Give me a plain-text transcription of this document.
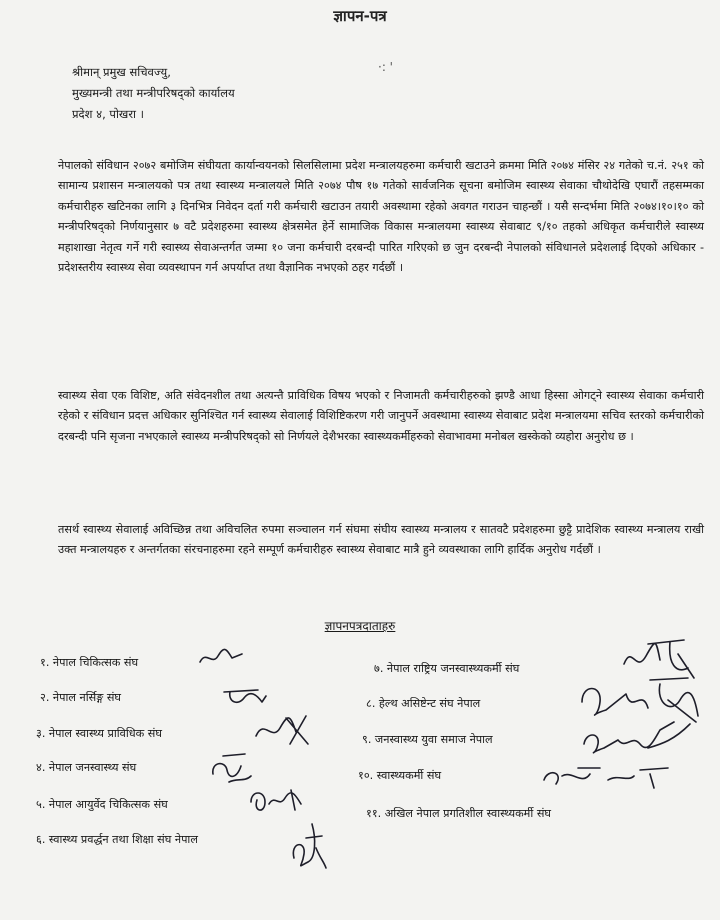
ज्ञापन-पत्र
·: '
श्रीमान् प्रमुख सचिवज्यु,
मुख्यमन्त्री तथा मन्त्रीपरिषद्को कार्यालय
प्रदेश ४, पोखरा ।
नेपालको संविधान २०७२ बमोजिम संघीयता कार्यान्वयनको सिलसिलामा प्रदेश मन्त्रालयहरुमा कर्मचारी खटाउने क्रममा मिति २०७४ मंसिर २४ गतेको च.नं. २५१ को सामान्य प्रशासन मन्त्रालयको पत्र तथा स्वास्थ्य मन्त्रालयले मिति २०७४ पौष १७ गतेको सार्वजनिक सूचना बमोजिम स्वास्थ्य सेवाका चौथोदेखि एघारौं तहसम्मका कर्मचारीहरु खटिनका लागि ३ दिनभित्र निवेदन दर्ता गरी कर्मचारी खटाउन तयारी अवस्थामा रहेको अवगत गराउन चाहन्छौं । यसै सन्दर्भमा मिति २०७४।१०।१० को मन्त्रीपरिषद्को निर्णयानुसार ७ वटै प्रदेशहरुमा स्वास्थ्य क्षेत्रसमेत हेर्ने सामाजिक विकास मन्त्रालयमा स्वास्थ्य सेवाबाट ९/१० तहको अधिकृत कर्मचारीले स्वास्थ्य महाशाखा नेतृत्व गर्ने गरी स्वास्थ्य सेवाअन्तर्गत जम्मा १० जना कर्मचारी दरबन्दी पारित गरिएको छ जुन दरबन्दी नेपालको संविधानले प्रदेशलाई दिएको अधिकार - प्रदेशस्तरीय स्वास्थ्य सेवा व्यवस्थापन गर्न अपर्याप्त तथा वैज्ञानिक नभएको ठहर गर्दछौं ।
स्वास्थ्य सेवा एक विशिष्ट, अति संवेदनशील तथा अत्यन्तै प्राविधिक विषय भएको र निजामती कर्मचारीहरुको झण्डै आधा हिस्सा ओगट्ने स्वास्थ्य सेवाका कर्मचारी रहेको र संविधान प्रदत्त अधिकार सुनिश्चित गर्न स्वास्थ्य सेवालाई विशिष्टिकरण गरी जानुपर्ने अवस्थामा स्वास्थ्य सेवाबाट प्रदेश मन्त्रालयमा सचिव स्तरको कर्मचारीको दरबन्दी पनि सृजना नभएकाले स्वास्थ्य मन्त्रीपरिषद्को सो निर्णयले देशैभरका स्वास्थ्यकर्मीहरुको सेवाभावमा मनोबल खस्केको व्यहोरा अनुरोध छ ।
तसर्थ स्वास्थ्य सेवालाई अविच्छिन्न तथा अविचलित रुपमा सञ्चालन गर्न संघमा संघीय स्वास्थ्य मन्त्रालय र सातवटै प्रदेशहरुमा छुट्टै प्रादेशिक स्वास्थ्य मन्त्रालय राखी उक्त मन्त्रालयहरु र अन्तर्गतका संरचनाहरुमा रहने सम्पूर्ण कर्मचारीहरु स्वास्थ्य सेवाबाट मात्रै हुने व्यवस्थाका लागि हार्दिक अनुरोध गर्दछौं ।
ज्ञापनपत्रदाताहरु
१. नेपाल चिकित्सक संघ
२. नेपाल नर्सिङ्ग संघ
३. नेपाल स्वास्थ्य प्राविधिक संघ
४. नेपाल जनस्वास्थ्य संघ
५. नेपाल आयुर्वेद चिकित्सक संघ
६. स्वास्थ्य प्रवर्द्धन तथा शिक्षा संघ नेपाल
७. नेपाल राष्ट्रिय जनस्वास्थ्यकर्मी संघ
८. हेल्थ असिष्टेन्ट संघ नेपाल
९. जनस्वास्थ्य युवा समाज नेपाल
१०. स्वास्थ्यकर्मी संघ
११. अखिल नेपाल प्रगतिशील स्वास्थ्यकर्मी संघ
